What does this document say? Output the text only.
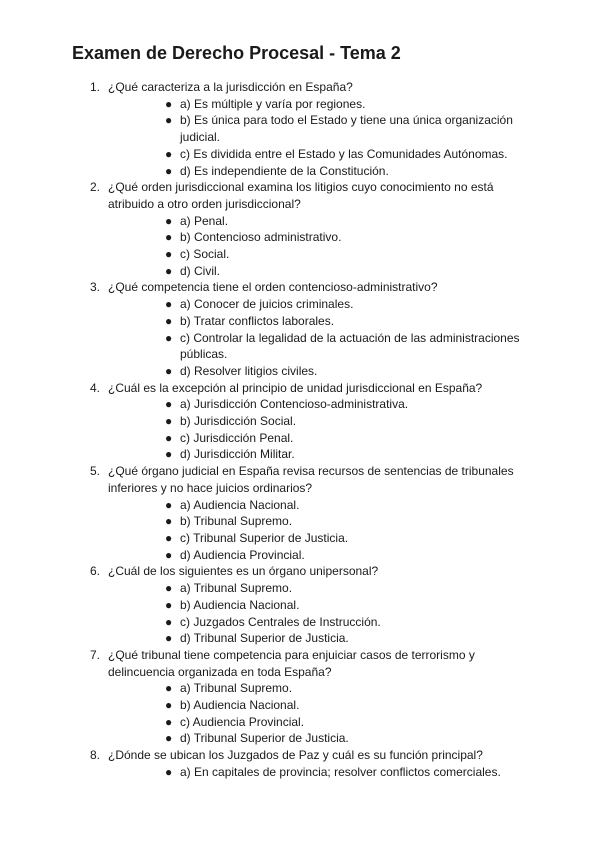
Examen de Derecho Procesal - Tema 2
1. ¿Qué caracteriza a la jurisdicción en España?
● a) Es múltiple y varía por regiones.
● b) Es única para todo el Estado y tiene una única organización judicial.
● c) Es dividida entre el Estado y las Comunidades Autónomas.
● d) Es independiente de la Constitución.
2. ¿Qué orden jurisdiccional examina los litigios cuyo conocimiento no está atribuido a otro orden jurisdiccional?
● a) Penal.
● b) Contencioso administrativo.
● c) Social.
● d) Civil.
3. ¿Qué competencia tiene el orden contencioso-administrativo?
● a) Conocer de juicios criminales.
● b) Tratar conflictos laborales.
● c) Controlar la legalidad de la actuación de las administraciones públicas.
● d) Resolver litigios civiles.
4. ¿Cuál es la excepción al principio de unidad jurisdiccional en España?
● a) Jurisdicción Contencioso-administrativa.
● b) Jurisdicción Social.
● c) Jurisdicción Penal.
● d) Jurisdicción Militar.
5. ¿Qué órgano judicial en España revisa recursos de sentencias de tribunales inferiores y no hace juicios ordinarios?
● a) Audiencia Nacional.
● b) Tribunal Supremo.
● c) Tribunal Superior de Justicia.
● d) Audiencia Provincial.
6. ¿Cuál de los siguientes es un órgano unipersonal?
● a) Tribunal Supremo.
● b) Audiencia Nacional.
● c) Juzgados Centrales de Instrucción.
● d) Tribunal Superior de Justicia.
7. ¿Qué tribunal tiene competencia para enjuiciar casos de terrorismo y delincuencia organizada en toda España?
● a) Tribunal Supremo.
● b) Audiencia Nacional.
● c) Audiencia Provincial.
● d) Tribunal Superior de Justicia.
8. ¿Dónde se ubican los Juzgados de Paz y cuál es su función principal?
● a) En capitales de provincia; resolver conflictos comerciales.
